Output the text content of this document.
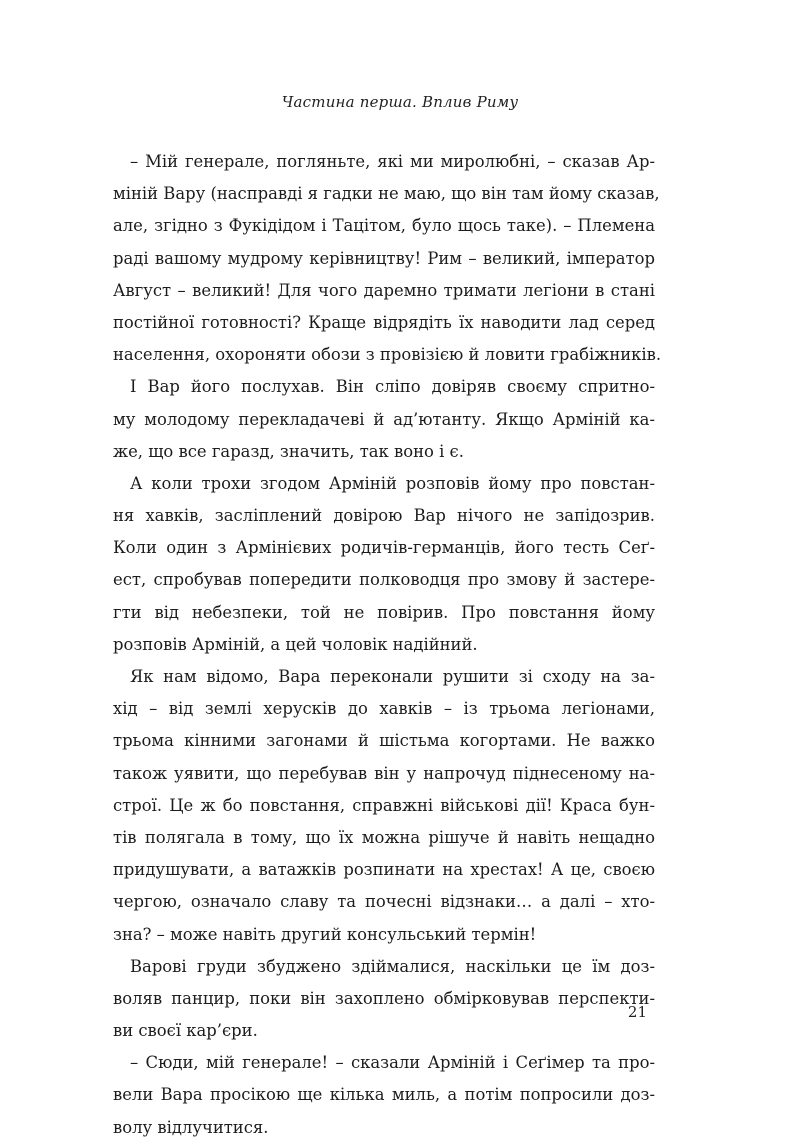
Частина перша. Вплив Риму
– Мій генерале, погляньте, які ми миролюбні, – сказав Ар-
міній Вару (насправді я гадки не маю, що він там йому сказав,
але, згідно з Фукідідом і Тацітом, було щось таке). – Племена
раді вашому мудрому керівництву! Рим – великий, імператор
Август – великий! Для чого даремно тримати легіони в стані
постійної готовності? Краще відрядіть їх наводити лад серед
населення, охороняти обози з провізією й ловити грабіжників.
І Вар його послухав. Він сліпо довіряв своєму спритно-
му молодому перекладачеві й ад’ютанту. Якщо Арміній ка-
же, що все гаразд, значить, так воно і є.
А коли трохи згодом Арміній розповів йому про повстан-
ня хавків, засліплений довірою Вар нічого не запідозрив.
Коли один з Армінієвих родичів-германців, його тесть Сеґ-
ест, спробував попередити полководця про змову й застере-
гти від небезпеки, той не повірив. Про повстання йому
розповів Арміній, а цей чоловік надійний.
Як нам відомо, Вара переконали рушити зі сходу на за-
хід – від землі херусків до хавків – із трьома легіонами,
трьома кінними загонами й шістьма когортами. Не важко
також уявити, що перебував він у напрочуд піднесеному на-
строї. Це ж бо повстання, справжні військові дії! Краса бун-
тів полягала в тому, що їх можна рішуче й навіть нещадно
придушувати, а ватажків розпинати на хрестах! А це, своєю
чергою, означало славу та почесні відзнаки… а далі – хто-
зна? – може навіть другий консульський термін!
Варові груди збуджено здіймалися, наскільки це їм доз-
воляв панцир, поки він захоплено обмірковував перспекти-
ви своєї кар’єри.
– Сюди, мій генерале! – сказали Арміній і Сеґімер та про-
вели Вара просікою ще кілька миль, а потім попросили доз-
волу відлучитися.
21
